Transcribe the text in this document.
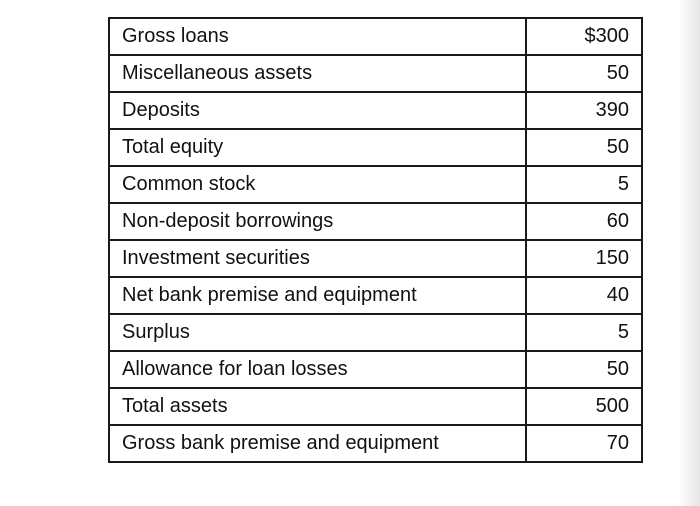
Gross loans	$300
Miscellaneous assets	50
Deposits	390
Total equity	50
Common stock	5
Non-deposit borrowings	60
Investment securities	150
Net bank premise and equipment	40
Surplus	5
Allowance for loan losses	50
Total assets	500
Gross bank premise and equipment	70
